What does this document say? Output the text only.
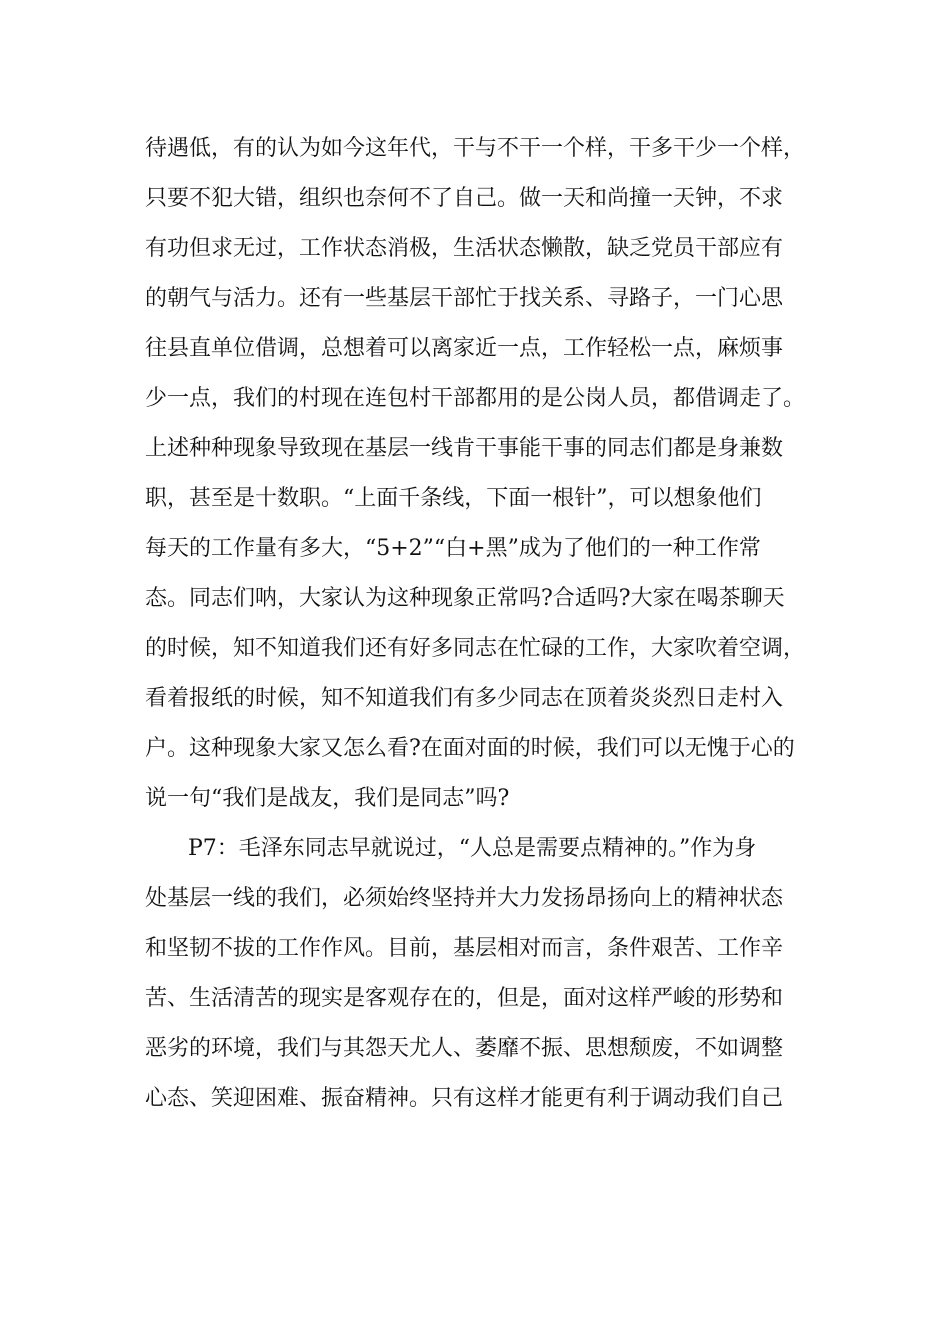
待遇低，有的认为如今这年代，干与不干一个样，干多干少一个样，
只要不犯大错，组织也奈何不了自己。做一天和尚撞一天钟，不求
有功但求无过，工作状态消极，生活状态懒散，缺乏党员干部应有
的朝气与活力。还有一些基层干部忙于找关系、寻路子，一门心思
往县直单位借调，总想着可以离家近一点，工作轻松一点，麻烦事
少一点，我们的村现在连包村干部都用的是公岗人员，都借调走了。
上述种种现象导致现在基层一线肯干事能干事的同志们都是身兼数
职，甚至是十数职。“上面千条线，下面一根针”，可以想象他们
每天的工作量有多大，“5+2”“白+黑”成为了他们的一种工作常
态。同志们呐，大家认为这种现象正常吗?合适吗?大家在喝茶聊天
的时候，知不知道我们还有好多同志在忙碌的工作，大家吹着空调，
看着报纸的时候，知不知道我们有多少同志在顶着炎炎烈日走村入
户。这种现象大家又怎么看?在面对面的时候，我们可以无愧于心的
说一句“我们是战友，我们是同志”吗?
P7：毛泽东同志早就说过，“人总是需要点精神的。”作为身
处基层一线的我们，必须始终坚持并大力发扬昂扬向上的精神状态
和坚韧不拔的工作作风。目前，基层相对而言，条件艰苦、工作辛
苦、生活清苦的现实是客观存在的，但是，面对这样严峻的形势和
恶劣的环境，我们与其怨天尤人、萎靡不振、思想颓废，不如调整
心态、笑迎困难、振奋精神。只有这样才能更有利于调动我们自己
